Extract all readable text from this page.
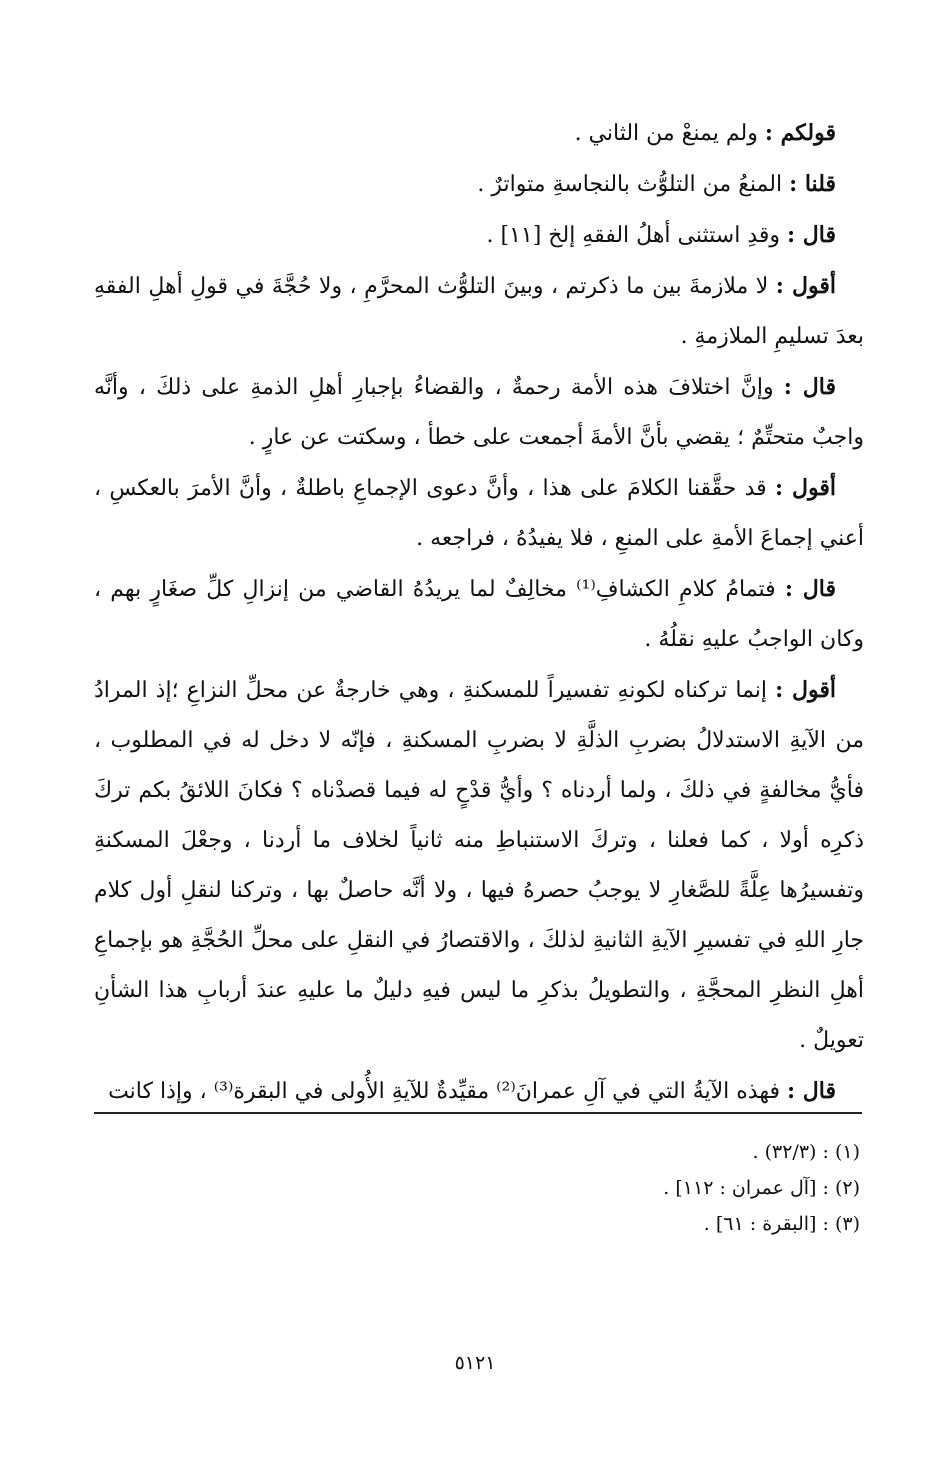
قولكم : ولم يمنعْ من الثاني .

قلنا : المنعُ من التلوُّث بالنجاسةِ متواترٌ .

قال : وقدِ استثنى أهلُ الفقهِ إلخ [١١] .

أقول : لا ملازمةَ بين ما ذكرتم ، وبينَ التلوُّث المحرَّمِ ، ولا حُجَّةَ في قولِ أهلِ الفقهِ بعدَ تسليمِ الملازمةِ .

قال : وإنَّ اختلافَ هذه الأمة رحمةٌ ، والقضاءُ بإجبارِ أهلِ الذمةِ على ذلكَ ، وأنَّه واجبٌ متحتِّمٌ ؛ يقضي بأنَّ الأمةَ أجمعت على خطأ ، وسكتت عن عارٍ .

أقول : قد حقَّقنا الكلامَ على هذا ، وأنَّ دعوى الإجماعِ باطلةٌ ، وأنَّ الأمرَ بالعكسِ ، أعني إجماعَ الأمةِ على المنعِ ، فلا يفيدُهُ ، فراجعه .

قال : فتمامُ كلامِ الكشافِ⁽¹⁾ مخالِفٌ لما يريدُهُ القاضي من إنزالِ كلِّ صغَارٍ بهم ، وكان الواجبُ عليهِ نقلُهُ .

أقول : إنما تركناه لكونهِ تفسيراً للمسكنةِ ، وهي خارجةٌ عن محلِّ النزاعِ ؛إذ المرادُ من الآيةِ الاستدلالُ بضربِ الذلَّةِ لا بضربِ المسكنةِ ، فإنّه لا دخل له في المطلوب ، فأيُّ مخالفةٍ في ذلكَ ، ولما أردناه ؟ وأيُّ قدْحٍ له فيما قصدْناه ؟ فكانَ اللائقُ بكم تركَ ذكرِه أولا ، كما فعلنا ، وتركَ الاستنباطِ منه ثانياً لخلاف ما أردنا ، وجعْلَ المسكنةِ وتفسيرُها عِلَّةً للصَّغارِ لا يوجبُ حصرهُ فيها ، ولا أنَّه حاصلٌ بها ، وتركنا لنقلِ أول كلام جارِ اللهِ في تفسيرِ الآيةِ الثانيةِ لذلكَ ، والاقتصارُ في النقلِ على محلِّ الحُجَّةِ هو بإجماعِ أهلِ النظرِ المحجَّةِ ، والتطويلُ بذكرِ ما ليس فيهِ دليلٌ ما عليهِ عندَ أربابِ هذا الشأنِ تعويلٌ .

قال : فهذه الآيةُ التي في آلِ عمرانَ⁽²⁾ مقيِّدةٌ للآيةِ الأُولى في البقرة⁽³⁾ ، وإذا كانت

(١) : (٣٢/٣) .

(٢) : [آل عمران : ١١٢] .

(٣) : [البقرة : ٦١] .

٥١٢١
